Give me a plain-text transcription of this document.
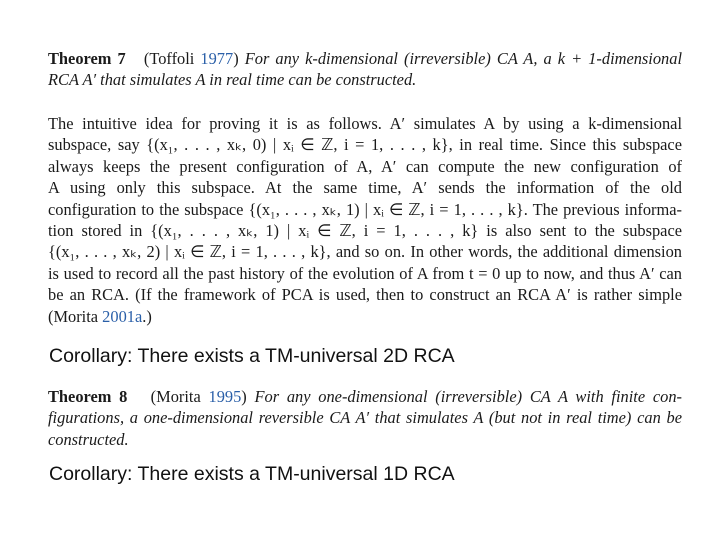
Theorem 7 (Toffoli 1977) For any k-dimensional (irreversible) CA A, a k + 1-dimensional
RCA A′ that simulates A in real time can be constructed.
The intuitive idea for proving it is as follows. A′ simulates A by using a k-dimensional
subspace, say {(x₁, . . . , xₖ, 0) | xᵢ ∈ ℤ, i = 1, . . . , k}, in real time. Since this subspace
always keeps the present configuration of A, A′ can compute the new configuration of
A using only this subspace. At the same time, A′ sends the information of the old
configuration to the subspace {(x₁, . . . , xₖ, 1) | xᵢ ∈ ℤ, i = 1, . . . , k}. The previous informa-
tion stored in {(x₁, . . . , xₖ, 1) | xᵢ ∈ ℤ, i = 1, . . . , k} is also sent to the subspace
{(x₁, . . . , xₖ, 2) | xᵢ ∈ ℤ, i = 1, . . . , k}, and so on. In other words, the additional dimension
is used to record all the past history of the evolution of A from t = 0 up to now, and thus A′ can
be an RCA. (If the framework of PCA is used, then to construct an RCA A′ is rather simple
(Morita 2001a.)
Corollary: There exists a TM-universal 2D RCA
Theorem 8 (Morita 1995) For any one-dimensional (irreversible) CA A with finite con-
figurations, a one-dimensional reversible CA A′ that simulates A (but not in real time) can be
constructed.
Corollary: There exists a TM-universal 1D RCA
